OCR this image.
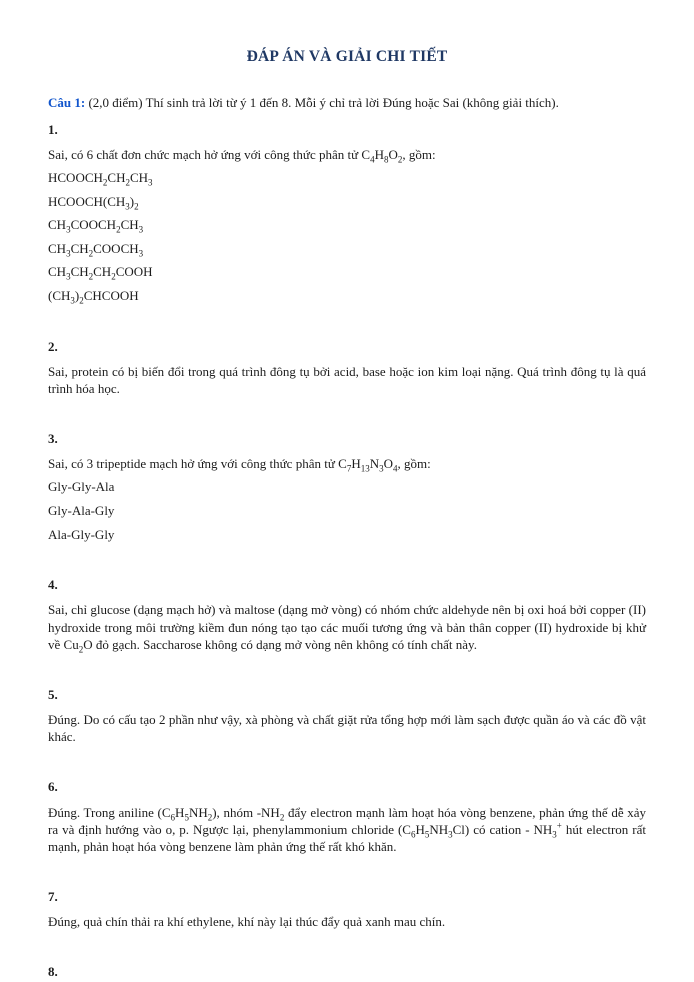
ĐÁP ÁN VÀ GIẢI CHI TIẾT

Câu 1: (2,0 điểm) Thí sinh trả lời từ ý 1 đến 8. Mỗi ý chỉ trả lời Đúng hoặc Sai (không giải thích).

1.

Sai, có 6 chất đơn chức mạch hở ứng với công thức phân tử $C_4H_8O_2$, gồm:

$HCOOCH_2CH_2CH_3$

$HCOOCH(CH_3)_2$

$CH_3COOCH_2CH_3$

$CH_3CH_2COOCH_3$

$CH_3CH_2CH_2COOH$

$(CH_3)_2CHCOOH$

2.

Sai, protein có bị biến đổi trong quá trình đông tụ bởi acid, base hoặc ion kim loại nặng. Quá trình đông tụ là quá trình hóa học.

3.

Sai, có 3 tripeptide mạch hở ứng với công thức phân tử $C_7H_{13}N_3O_4$, gồm:

Gly-Gly-Ala

Gly-Ala-Gly

Ala-Gly-Gly

4.

Sai, chỉ glucose (dạng mạch hở) và maltose (dạng mở vòng) có nhóm chức aldehyde nên bị oxi hoá bởi copper (II) hydroxide trong môi trường kiềm đun nóng tạo tạo các muối tương ứng và bản thân copper (II) hydroxide bị khử về $Cu_2O$ đỏ gạch. Saccharose không có dạng mở vòng nên không có tính chất này.

5.

Đúng. Do có cấu tạo 2 phần như vậy, xà phòng và chất giặt rửa tổng hợp mới làm sạch được quần áo và các đồ vật khác.

6.

Đúng. Trong aniline $(C_6H_5NH_2)$, nhóm $-NH_2$ đẩy electron mạnh làm hoạt hóa vòng benzene, phản ứng thế dễ xảy ra và định hướng vào o, p. Ngược lại, phenylammonium chloride $(C_6H_5NH_3Cl)$ có cation - $NH_3^+$ hút electron rất mạnh, phản hoạt hóa vòng benzene làm phản ứng thế rất khó khăn.

7.

Đúng, quả chín thải ra khí ethylene, khí này lại thúc đẩy quả xanh mau chín.

8.
